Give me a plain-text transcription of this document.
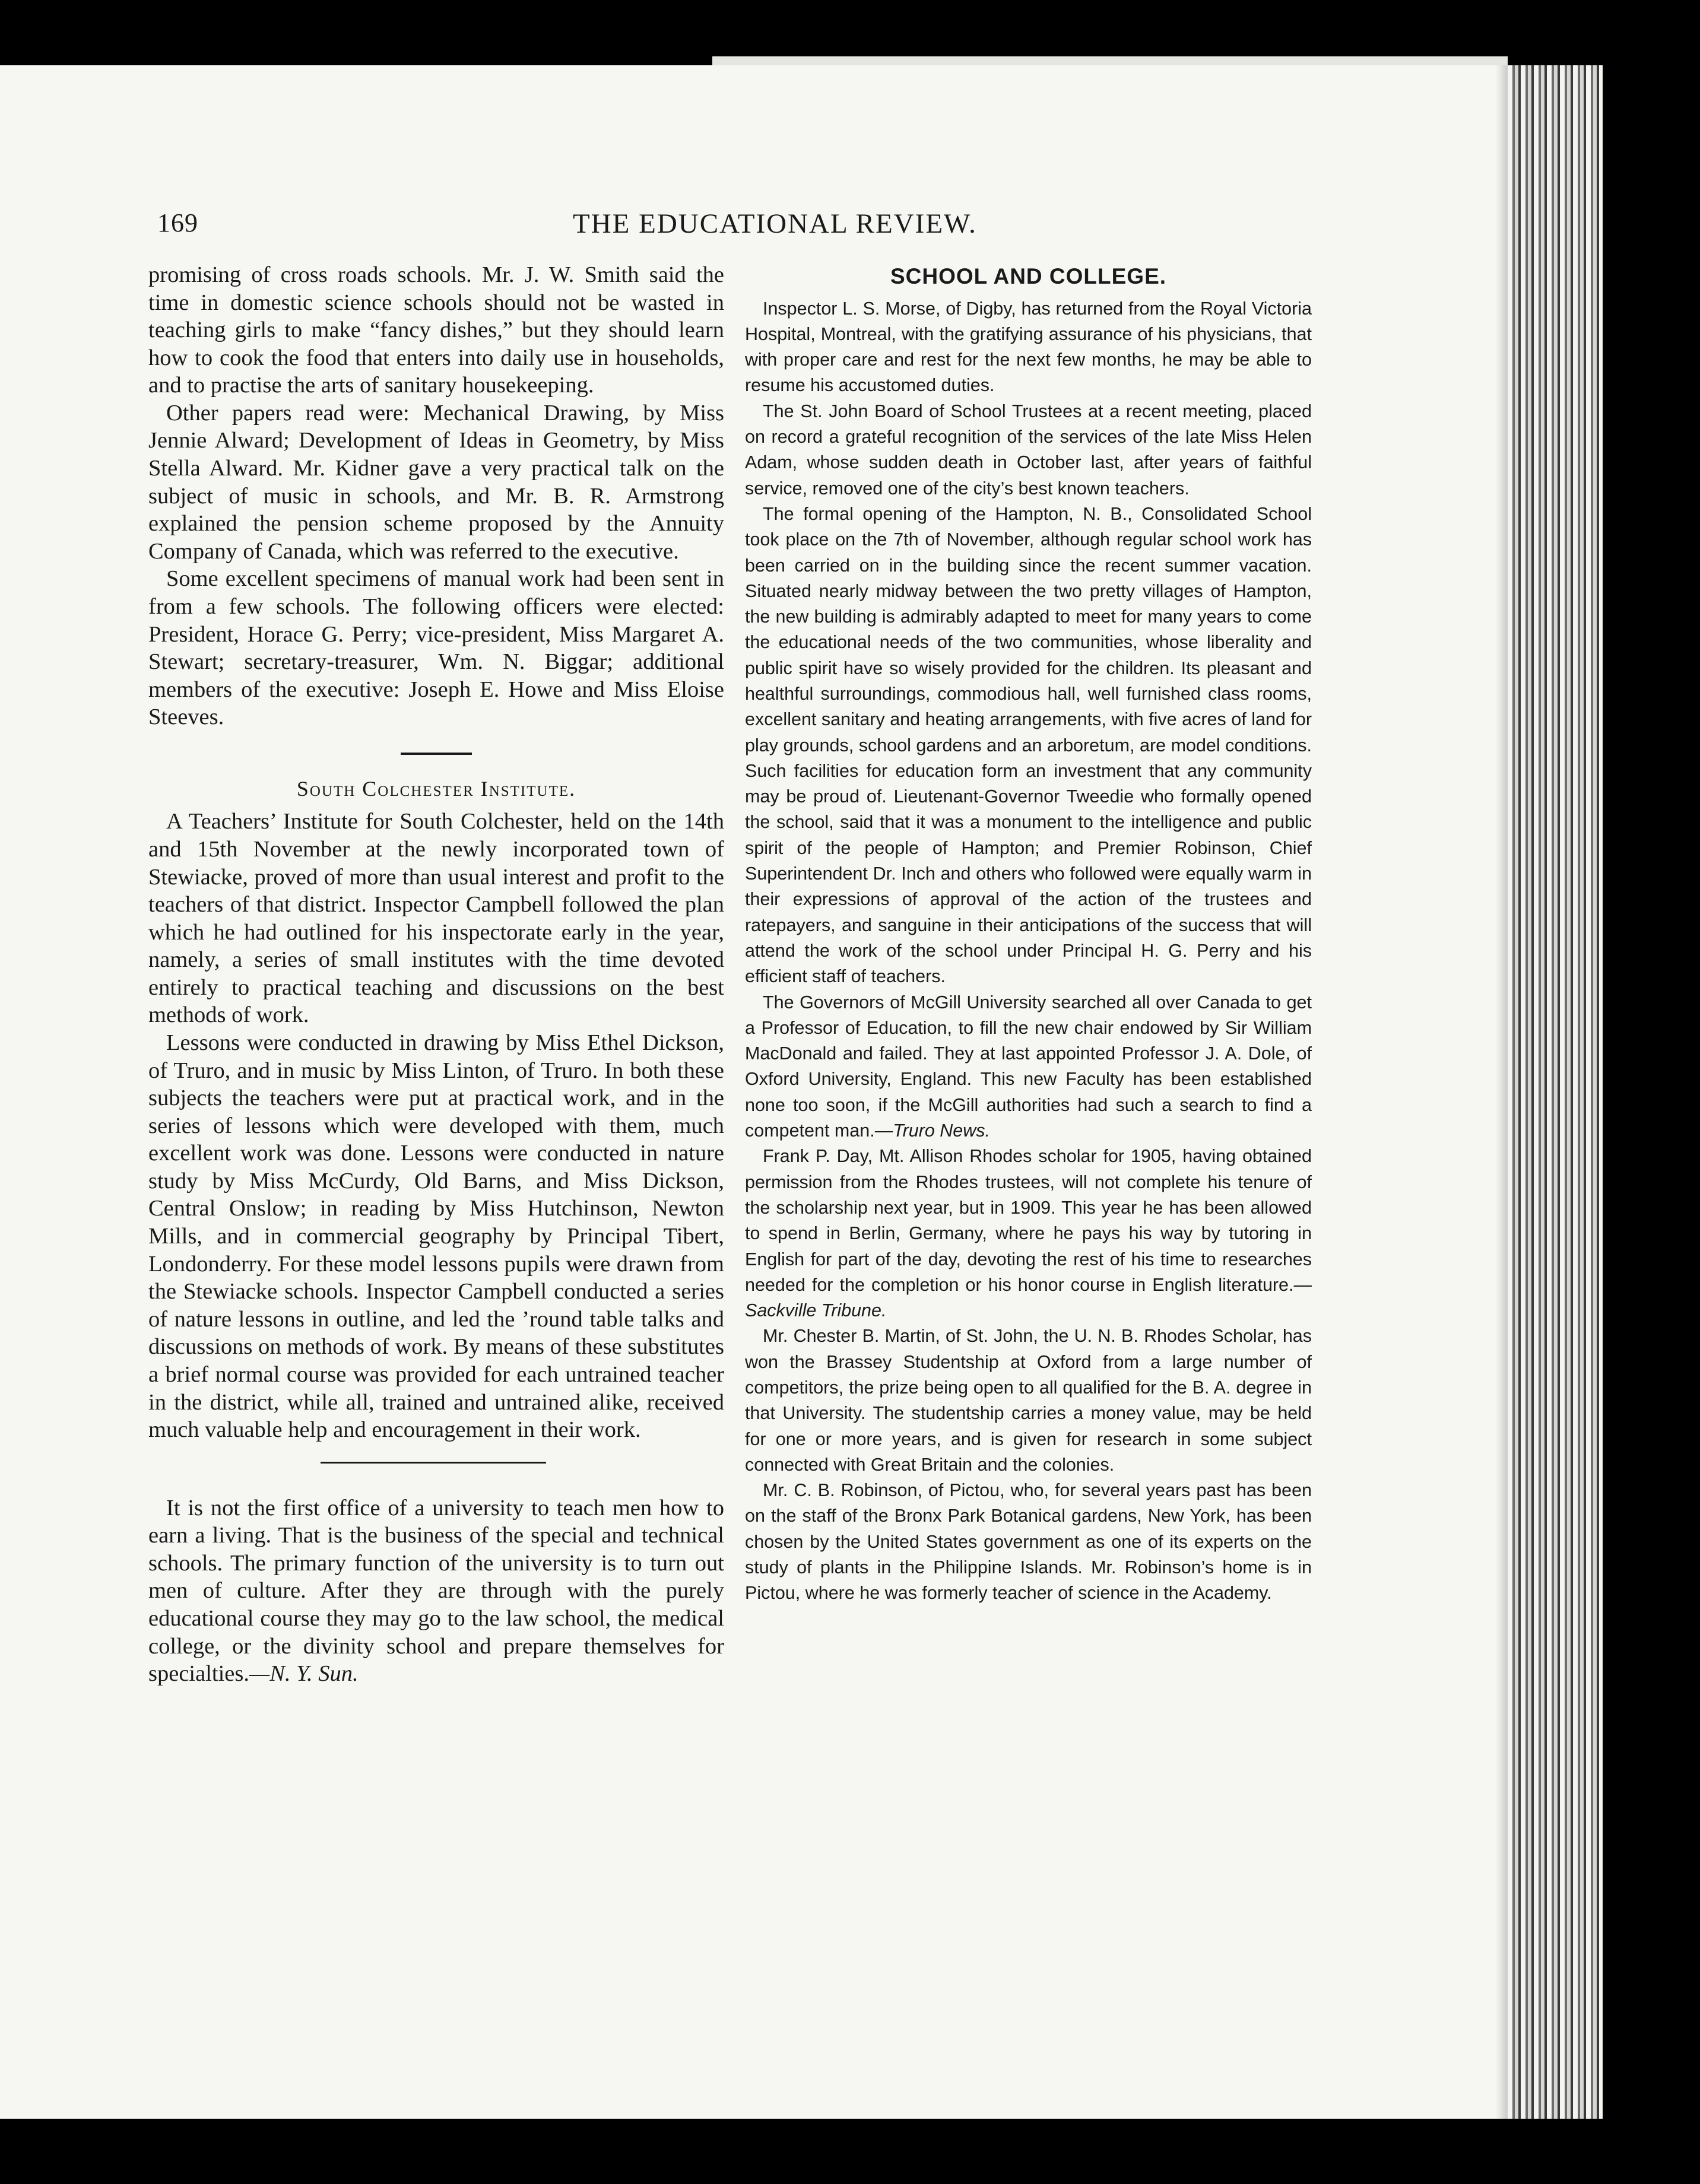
169	THE EDUCATIONAL REVIEW.

promising of cross roads schools. Mr. J. W. Smith said the time in domestic science schools should not be wasted in teaching girls to make “fancy dishes,” but they should learn how to cook the food that enters into daily use in households, and to practise the arts of sanitary housekeeping.

Other papers read were: Mechanical Drawing, by Miss Jennie Alward; Development of Ideas in Geometry, by Miss Stella Alward. Mr. Kidner gave a very practical talk on the subject of music in schools, and Mr. B. R. Armstrong explained the pension scheme proposed by the Annuity Company of Canada, which was referred to the executive.

Some excellent specimens of manual work had been sent in from a few schools. The following officers were elected: President, Horace G. Perry; vice-president, Miss Margaret A. Stewart; secretary-treasurer, Wm. N. Biggar; additional members of the executive: Joseph E. Howe and Miss Eloise Steeves.

South Colchester Institute.

A Teachers’ Institute for South Colchester, held on the 14th and 15th November at the newly incorporated town of Stewiacke, proved of more than usual interest and profit to the teachers of that district. Inspector Campbell followed the plan which he had outlined for his inspectorate early in the year, namely, a series of small institutes with the time devoted entirely to practical teaching and discussions on the best methods of work.

Lessons were conducted in drawing by Miss Ethel Dickson, of Truro, and in music by Miss Linton, of Truro. In both these subjects the teachers were put at practical work, and in the series of lessons which were developed with them, much excellent work was done. Lessons were conducted in nature study by Miss McCurdy, Old Barns, and Miss Dickson, Central Onslow; in reading by Miss Hutchinson, Newton Mills, and in commercial geography by Principal Tibert, Londonderry. For these model lessons pupils were drawn from the Stewiacke schools. Inspector Campbell conducted a series of nature lessons in outline, and led the ’round table talks and discussions on methods of work. By means of these substitutes a brief normal course was provided for each untrained teacher in the district, while all, trained and untrained alike, received much valuable help and encouragement in their work.

It is not the first office of a university to teach men how to earn a living. That is the business of the special and technical schools. The primary function of the university is to turn out men of culture. After they are through with the purely educational course they may go to the law school, the medical college, or the divinity school and prepare themselves for specialties.—N. Y. Sun.

SCHOOL AND COLLEGE.

Inspector L. S. Morse, of Digby, has returned from the Royal Victoria Hospital, Montreal, with the gratifying assurance of his physicians, that with proper care and rest for the next few months, he may be able to resume his accustomed duties.

The St. John Board of School Trustees at a recent meeting, placed on record a grateful recognition of the services of the late Miss Helen Adam, whose sudden death in October last, after years of faithful service, removed one of the city’s best known teachers.

The formal opening of the Hampton, N. B., Consolidated School took place on the 7th of November, although regular school work has been carried on in the building since the recent summer vacation. Situated nearly midway between the two pretty villages of Hampton, the new building is admirably adapted to meet for many years to come the educational needs of the two communities, whose liberality and public spirit have so wisely provided for the children. Its pleasant and healthful surroundings, commodious hall, well furnished class rooms, excellent sanitary and heating arrangements, with five acres of land for play grounds, school gardens and an arboretum, are model conditions. Such facilities for education form an investment that any community may be proud of. Lieutenant-Governor Tweedie who formally opened the school, said that it was a monument to the intelligence and public spirit of the people of Hampton; and Premier Robinson, Chief Superintendent Dr. Inch and others who followed were equally warm in their expressions of approval of the action of the trustees and ratepayers, and sanguine in their anticipations of the success that will attend the work of the school under Principal H. G. Perry and his efficient staff of teachers.

The Governors of McGill University searched all over Canada to get a Professor of Education, to fill the new chair endowed by Sir William MacDonald and failed. They at last appointed Professor J. A. Dole, of Oxford University, England. This new Faculty has been established none too soon, if the McGill authorities had such a search to find a competent man.—Truro News.

Frank P. Day, Mt. Allison Rhodes scholar for 1905, having obtained permission from the Rhodes trustees, will not complete his tenure of the scholarship next year, but in 1909. This year he has been allowed to spend in Berlin, Germany, where he pays his way by tutoring in English for part of the day, devoting the rest of his time to researches needed for the completion or his honor course in English literature.—Sackville Tribune.

Mr. Chester B. Martin, of St. John, the U. N. B. Rhodes Scholar, has won the Brassey Studentship at Oxford from a large number of competitors, the prize being open to all qualified for the B. A. degree in that University. The studentship carries a money value, may be held for one or more years, and is given for research in some subject connected with Great Britain and the colonies.

Mr. C. B. Robinson, of Pictou, who, for several years past has been on the staff of the Bronx Park Botanical gardens, New York, has been chosen by the United States government as one of its experts on the study of plants in the Philippine Islands. Mr. Robinson’s home is in Pictou, where he was formerly teacher of science in the Academy.
